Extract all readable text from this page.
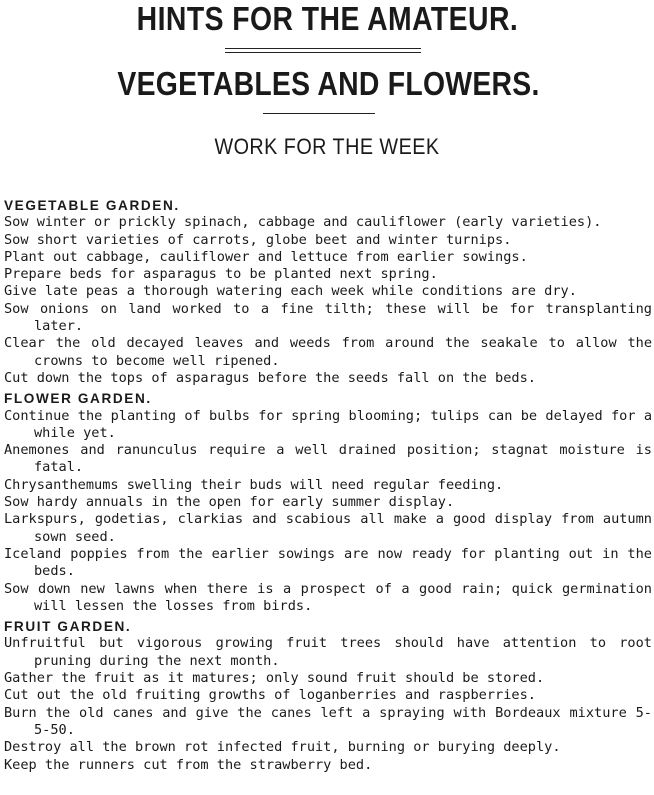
HINTS FOR THE AMATEUR.
VEGETABLES AND FLOWERS.
WORK FOR THE WEEK
VEGETABLE GARDEN.
Sow winter or prickly spinach, cabbage and cauliflower (early varieties).
Sow short varieties of carrots, globe beet and winter turnips.
Plant out cabbage, cauliflower and lettuce from earlier sowings.
Prepare beds for asparagus to be planted next spring.
Give late peas a thorough watering each week while conditions are dry.
Sow onions on land worked to a fine tilth; these will be for transplanting later.
Clear the old decayed leaves and weeds from around the seakale to allow the crowns to become well ripened.
Cut down the tops of asparagus before the seeds fall on the beds.
FLOWER GARDEN.
Continue the planting of bulbs for spring blooming; tulips can be delayed for a while yet.
Anemones and ranunculus require a well drained position; stagnat moisture is fatal.
Chrysanthemums swelling their buds will need regular feeding.
Sow hardy annuals in the open for early summer display.
Larkspurs, godetias, clarkias and scabious all make a good display from autumn sown seed.
Iceland poppies from the earlier sowings are now ready for planting out in the beds.
Sow down new lawns when there is a prospect of a good rain; quick germination will lessen the losses from birds.
FRUIT GARDEN.
Unfruitful but vigorous growing fruit trees should have attention to root pruning during the next month.
Gather the fruit as it matures; only sound fruit should be stored.
Cut out the old fruiting growths of loganberries and raspberries.
Burn the old canes and give the canes left a spraying with Bordeaux mixture 5-5-50.
Destroy all the brown rot infected fruit, burning or burying deeply.
Keep the runners cut from the strawberry bed.
